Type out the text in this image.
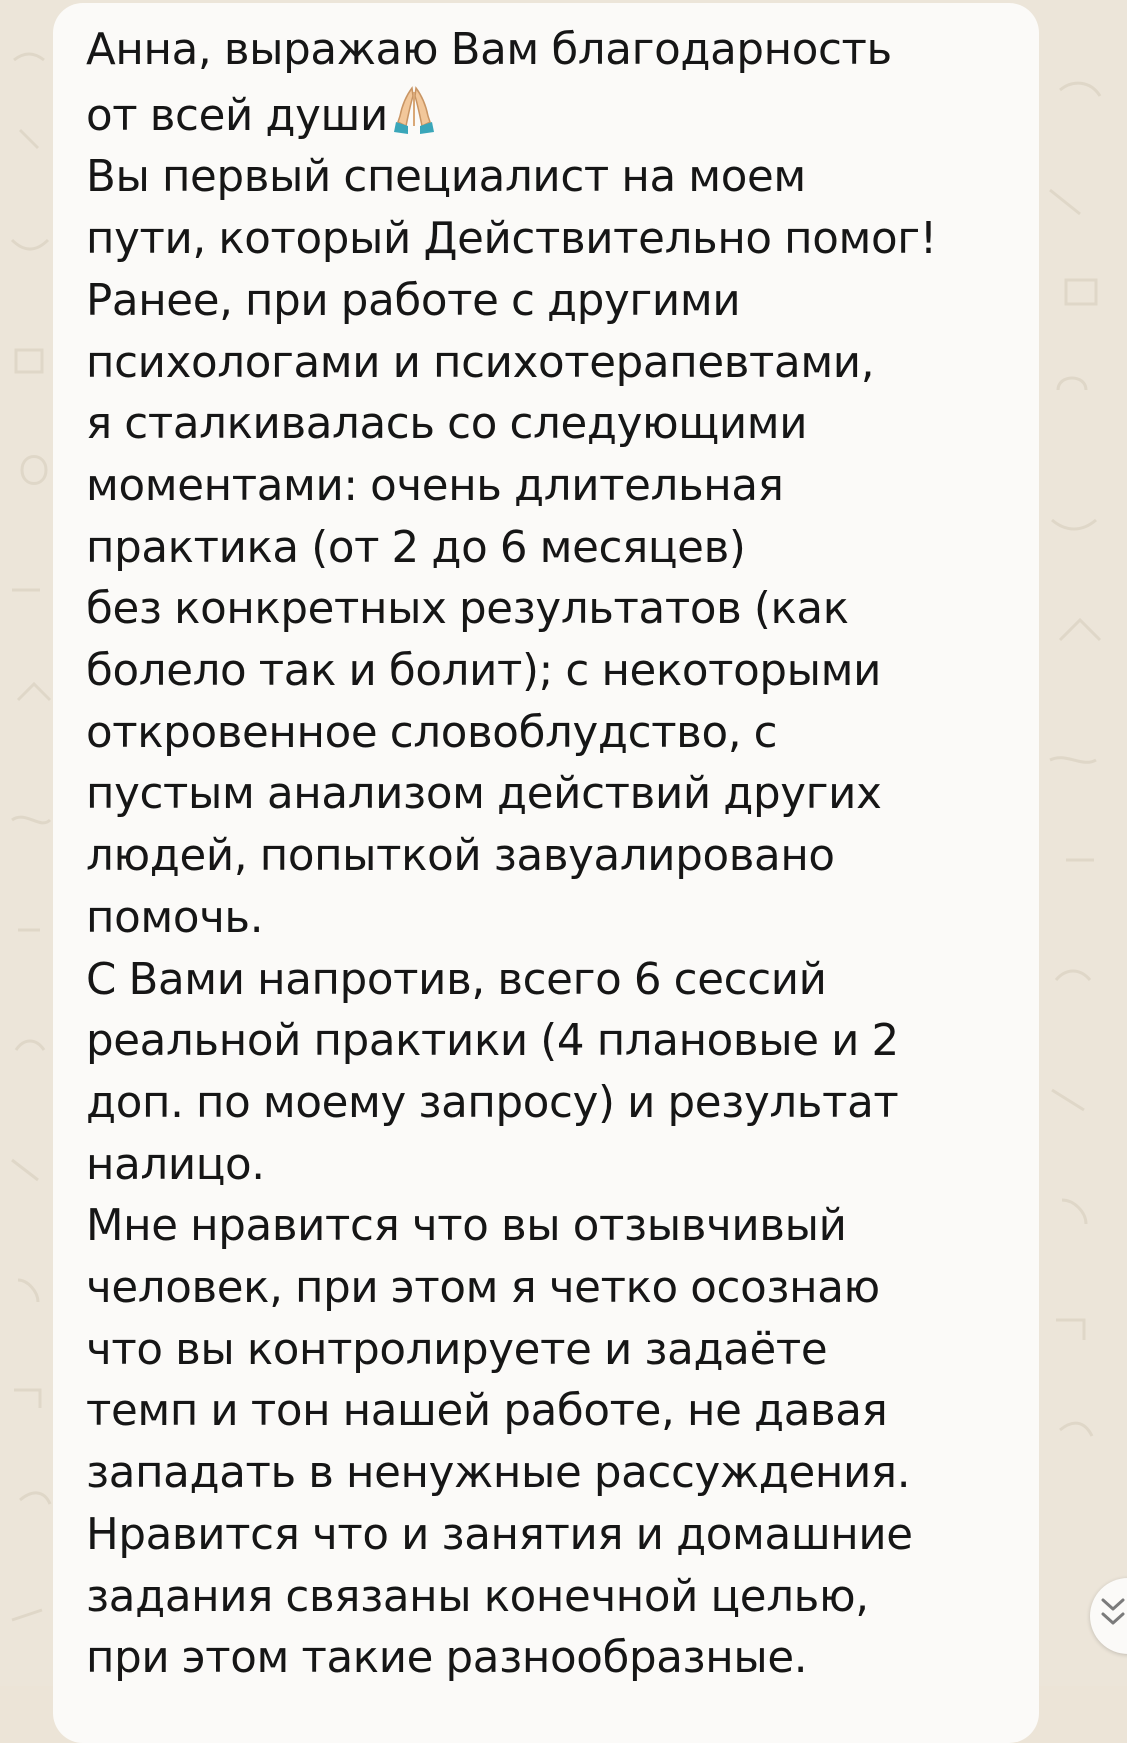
Анна, выражаю Вам благодарность
от всей души
Вы первый специалист на моем
пути, который Действительно помог!
Ранее, при работе с другими
психологами и психотерапевтами,
я сталкивалась со следующими
моментами: очень длительная
практика (от 2 до 6 месяцев)
без конкретных результатов (как
болело так и болит); с некоторыми
откровенное словоблудство, с
пустым анализом действий других
людей, попыткой завуалировано
помочь.
С Вами напротив, всего 6 сессий
реальной практики (4 плановые и 2
доп. по моему запросу) и результат
налицо.
Мне нравится что вы отзывчивый
человек, при этом я четко осознаю
что вы контролируете и задаёте
темп и тон нашей работе, не давая
западать в ненужные рассуждения.
Нравится что и занятия и домашние
задания связаны конечной целью,
при этом такие разнообразные.
